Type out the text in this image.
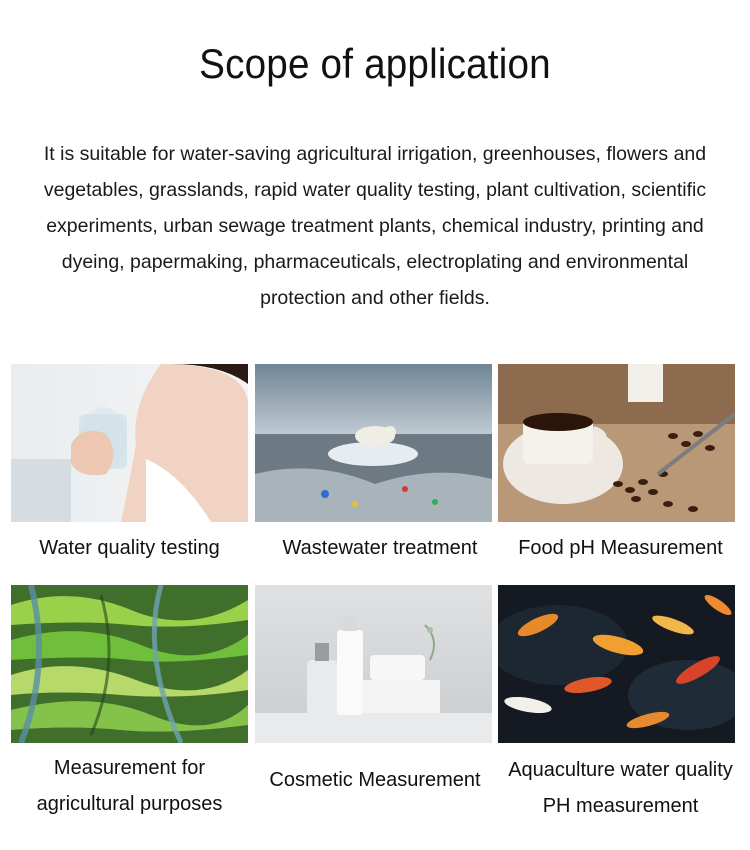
Scope of application
It is suitable for water-saving agricultural irrigation, greenhouses, flowers and vegetables, grasslands, rapid water quality testing, plant cultivation, scientific experiments, urban sewage treatment plants, chemical industry, printing and dyeing, papermaking, pharmaceuticals, electroplating and environmental protection and other fields.
Water quality testing	Wastewater treatment	Food pH Measurement
Measurement for
agricultural purposes
Cosmetic Measurement	Aquaculture water quality
PH measurement
